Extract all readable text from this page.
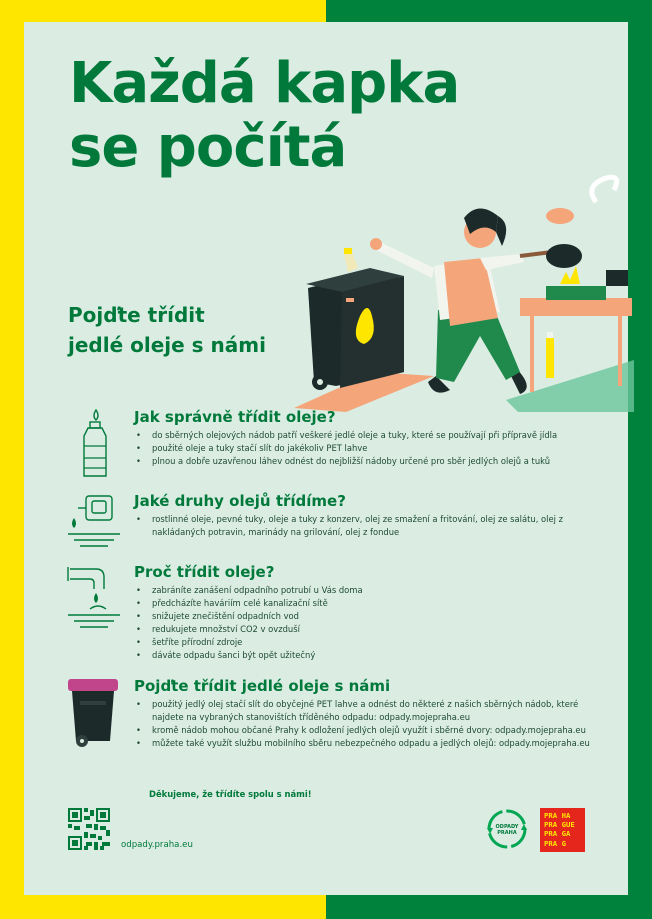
Každá kapka
se počítá
Pojďte třídit
jedlé oleje s námi
Jak správně třídit oleje?
• do sběrných olejových nádob patří veškeré jedlé oleje a tuky, které se používají při přípravě jídla
• použité oleje a tuky stačí slít do jakékoliv PET lahve
• plnou a dobře uzavřenou láhev odnést do nejbližší nádoby určené pro sběr jedlých olejů a tuků
Jaké druhy olejů třídíme?
• rostlinné oleje, pevné tuky, oleje a tuky z konzerv, olej ze smažení a fritování, olej ze salátu, olej z nakládaných potravin, marinády na grilování, olej z fondue
Proč třídit oleje?
• zabráníte zanášení odpadního potrubí u Vás doma
• předcházíte haváriím celé kanalizační sítě
• snižujete znečištění odpadních vod
• redukujete množství CO2 v ovzduší
• šetříte přírodní zdroje
• dáváte odpadu šanci být opět užitečný
Pojďte třídit jedlé oleje s námi
• použitý jedlý olej stačí slít do obyčejné PET lahve a odnést do některé z našich sběrných nádob, které najdete na vybraných stanovištích tříděného odpadu: odpady.mojepraha.eu
• kromě nádob mohou občané Prahy k odložení jedlých olejů využít i sběrné dvory: odpady.mojepraha.eu
• můžete také využít službu mobilního sběru nebezpečného odpadu a jedlých olejů: odpady.mojepraha.eu

Děkujeme, že třídíte spolu s námi!

odpady.praha.eu

ODPADY
PRAHA
PRA HA
PRA GUE
PRA GA
PRA G
